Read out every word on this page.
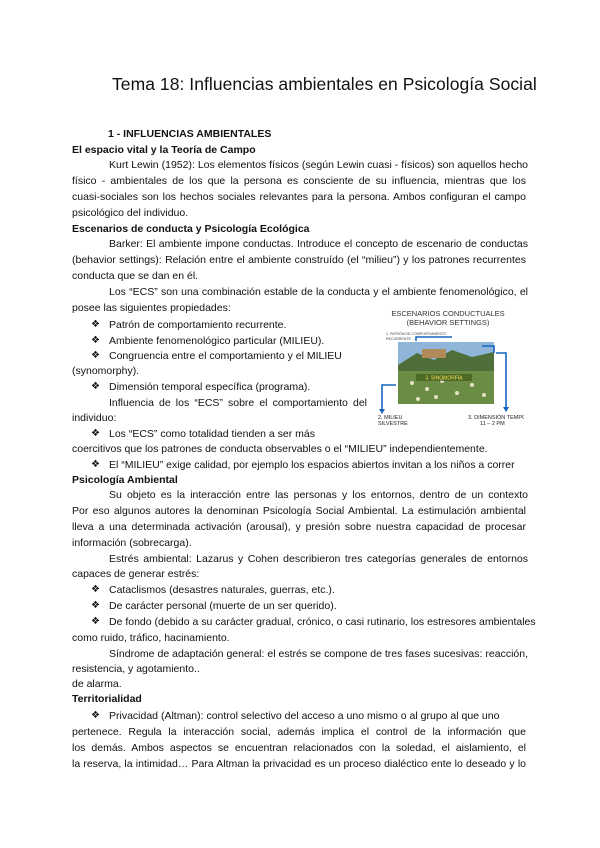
Tema 18: Influencias ambientales en Psicología Social
1 - INFLUENCIAS AMBIENTALES
El espacio vital y la Teoría de Campo
Kurt Lewin (1952): Los elementos físicos (según Lewin cuasi - físicos) son aquellos hecho
físico - ambientales de los que la persona es consciente de su influencia, mientras que los
cuasi-sociales son los hechos sociales relevantes para la persona. Ambos configuran el campo
psicológico del individuo.
Escenarios de conducta y Psicología Ecológica
Barker: El ambiente impone conductas. Introduce el concepto de escenario de conductas
(behavior settings): Relación entre el ambiente construído (el “milieu”) y los patrones recurrentes
conducta que se dan en él.
Los “ECS” son una combinación estable de la conducta y el ambiente fenomenológico, el
posee las siguientes propiedades:
❖ Patrón de comportamiento recurrente.
❖ Ambiente fenomenológico particular (MILIEU).
❖ Congruencia entre el comportamiento y el MILIEU
(synomorphy).
❖ Dimensión temporal específica (programa).
Influencia de los “ECS” sobre el comportamiento del
individuo:
❖ Los “ECS” como totalidad tienden a ser más
coercitivos que los patrones de conducta observables o el “MILIEU” independientemente.
❖ El “MILIEU” exige calidad, por ejemplo los espacios abiertos invitan a los niños a correr
ESCENARIOS CONDUCTUALES
(BEHAVIOR SETTINGS)
1. PATRÓN DE COMPORTAMIENTO
RECURRENTE
3. SINOMORFÍA
2. MILIEU
SILVESTRE
3. DIMENSIÓN TEMP
11 – 2 PM
Psicología Ambiental
Su objeto es la interacción entre las personas y los entornos, dentro de un contexto
Por eso algunos autores la denominan Psicología Social Ambiental. La estimulación ambiental
lleva a una determinada activación (arousal), y presión sobre nuestra capacidad de procesar
información (sobrecarga).
Estrés ambiental: Lazarus y Cohen describieron tres categorías generales de entornos
capaces de generar estrés:
❖ Cataclismos (desastres naturales, guerras, etc.).
❖ De carácter personal (muerte de un ser querido).
❖ De fondo (debido a su carácter gradual, crónico, o casi rutinario, los estresores ambientales
como ruido, tráfico, hacinamiento.
Síndrome de adaptación general: el estrés se compone de tres fases sucesivas: reacción,
resistencia, y agotamiento..
de alarma.
Territorialidad
❖ Privacidad (Altman): control selectivo del acceso a uno mismo o al grupo al que uno
pertenece. Regula la interacción social, además implica el control de la información que
los demás. Ambos aspectos se encuentran relacionados con la soledad, el aislamiento, el
la reserva, la intimidad… Para Altman la privacidad es un proceso dialéctico ente lo deseado y lo
